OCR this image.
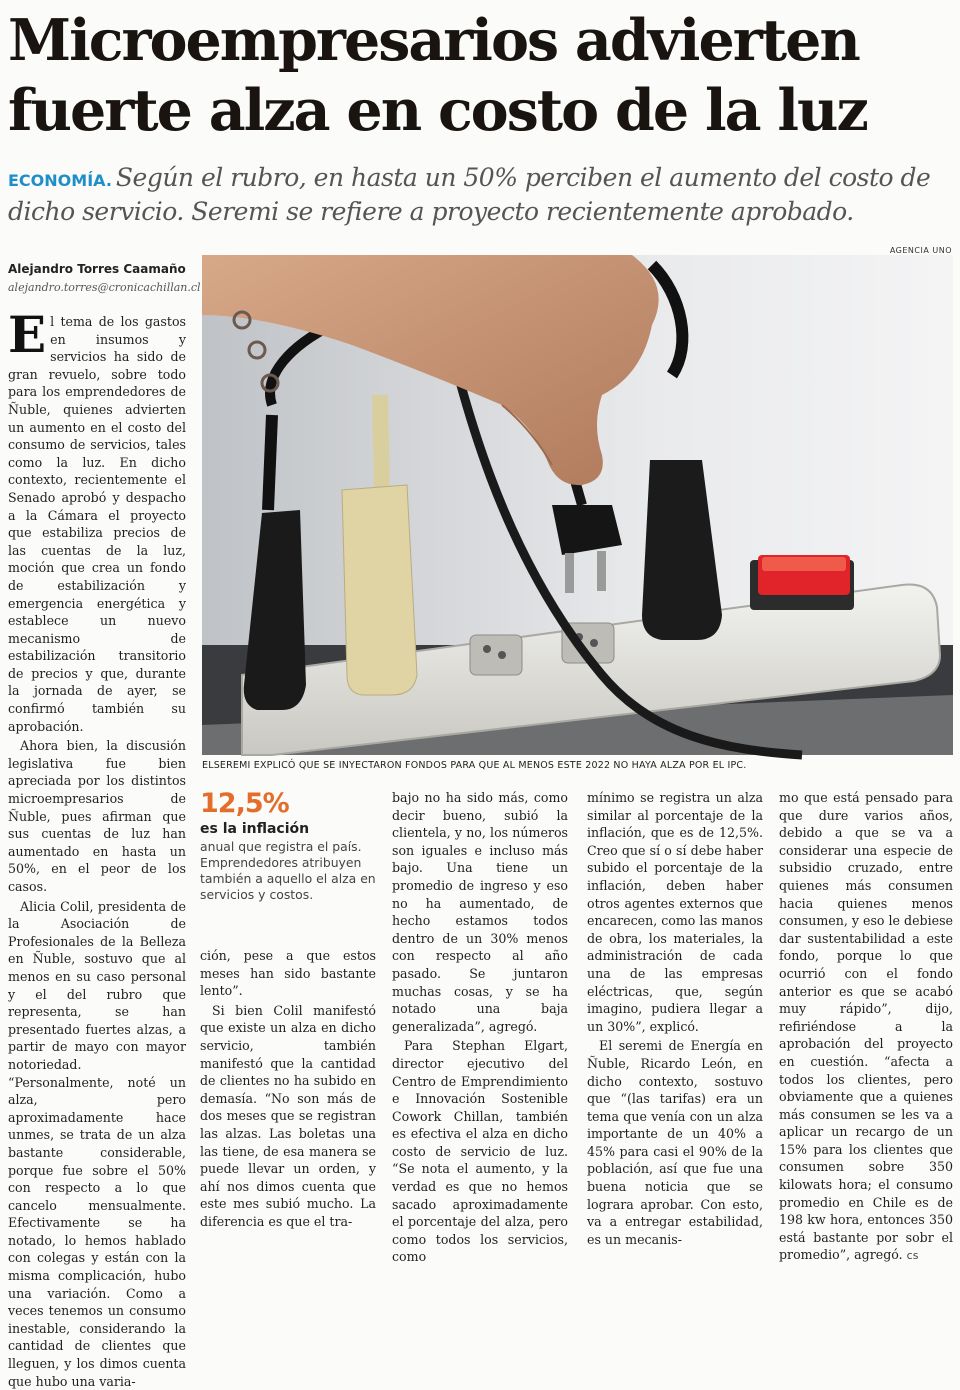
Microempresarios advierten fuerte alza en costo de la luz

ECONOMÍA. Según el rubro, en hasta un 50% perciben el aumento del costo de dicho servicio. Seremi se refiere a proyecto recientemente aprobado.

AGENCIA UNO
Alejandro Torres Caamaño
alejandro.torres@cronicachillan.cl
ELSEREMI EXPLICÓ QUE SE INYECTARON FONDOS PARA QUE AL MENOS ESTE 2022 NO HAYA ALZA POR EL IPC.

El tema de los gastos en insumos y servicios ha sido de gran revuelo, sobre todo para los emprendedores de Ñuble, quienes advierten un aumento en el costo del consumo de servicios, tales como la luz. En dicho contexto, recientemente el Senado aprobó y despacho a la Cámara el proyecto que estabiliza precios de las cuentas de la luz, moción que crea un fondo de estabilización y emergencia energética y establece un nuevo mecanismo de estabilización transitorio de precios y que, durante la jornada de ayer, se confirmó también su aprobación.

Ahora bien, la discusión legislativa fue bien apreciada por los distintos microempresarios de Ñuble, pues afirman que sus cuentas de luz han aumentado en hasta un 50%, en el peor de los casos.

Alicia Colil, presidenta de la Asociación de Profesionales de la Belleza en Ñuble, sostuvo que al menos en su caso personal y el del rubro que representa, se han presentado fuertes alzas, a partir de mayo con mayor notoriedad. “Personalmente, noté un alza, pero aproximadamente hace unmes, se trata de un alza bastante considerable, porque fue sobre el 50% con respecto a lo que cancelo mensualmente. Efectivamente se ha notado, lo hemos hablado con colegas y están con la misma complicación, hubo una variación. Como a veces tenemos un consumo inestable, considerando la cantidad de clientes que lleguen, y los dimos cuenta que hubo una varia-

12,5%
es la inflación
anual que registra el país. Emprendedores atribuyen también a aquello el alza en servicios y costos.

ción, pese a que estos meses han sido bastante lento”.

Si bien Colil manifestó que existe un alza en dicho servicio, también manifestó que la cantidad de clientes no ha subido en demasía. “No son más de dos meses que se registran las alzas. Las boletas una las tiene, de esa manera se puede llevar un orden, y ahí nos dimos cuenta que este mes subió mucho. La diferencia es que el tra-

bajo no ha sido más, como decir bueno, subió la clientela, y no, los números son iguales e incluso más bajo. Una tiene un promedio de ingreso y eso no ha aumentado, de hecho estamos todos dentro de un 30% menos con respecto al año pasado. Se juntaron muchas cosas, y se ha notado una baja generalizada”, agregó.

Para Stephan Elgart, director ejecutivo del Centro de Emprendimiento e Innovación Sostenible Cowork Chillan, también es efectiva el alza en dicho costo de servicio de luz. “Se nota el aumento, y la verdad es que no hemos sacado aproximadamente el porcentaje del alza, pero como todos los servicios, como

mínimo se registra un alza similar al porcentaje de la inflación, que es de 12,5%. Creo que sí o sí debe haber subido el porcentaje de la inflación, deben haber otros agentes externos que encarecen, como las manos de obra, los materiales, la administración de cada una de las empresas eléctricas, que, según imagino, pudiera llegar a un 30%”, explicó.

El seremi de Energía en Ñuble, Ricardo León, en dicho contexto, sostuvo que “(las tarifas) era un tema que venía con un alza importante de un 40% a 45% para casi el 90% de la población, así que fue una buena noticia que se lograra aprobar. Con esto, va a entregar estabilidad, es un mecanis-

mo que está pensado para que dure varios años, debido a que se va a considerar una especie de subsidio cruzado, entre quienes más consumen hacia quienes menos consumen, y eso le debiese dar sustentabilidad a este fondo, porque lo que ocurrió con el fondo anterior es que se acabó muy rápido”, dijo, refiriéndose a la aprobación del proyecto en cuestión. “afecta a todos los clientes, pero obviamente que a quienes más consumen se les va a aplicar un recargo de un 15% para los clientes que consumen sobre 350 kilowats hora; el consumo promedio en Chile es de 198 kw hora, entonces 350 está bastante por sobr el promedio”, agregó. cs
